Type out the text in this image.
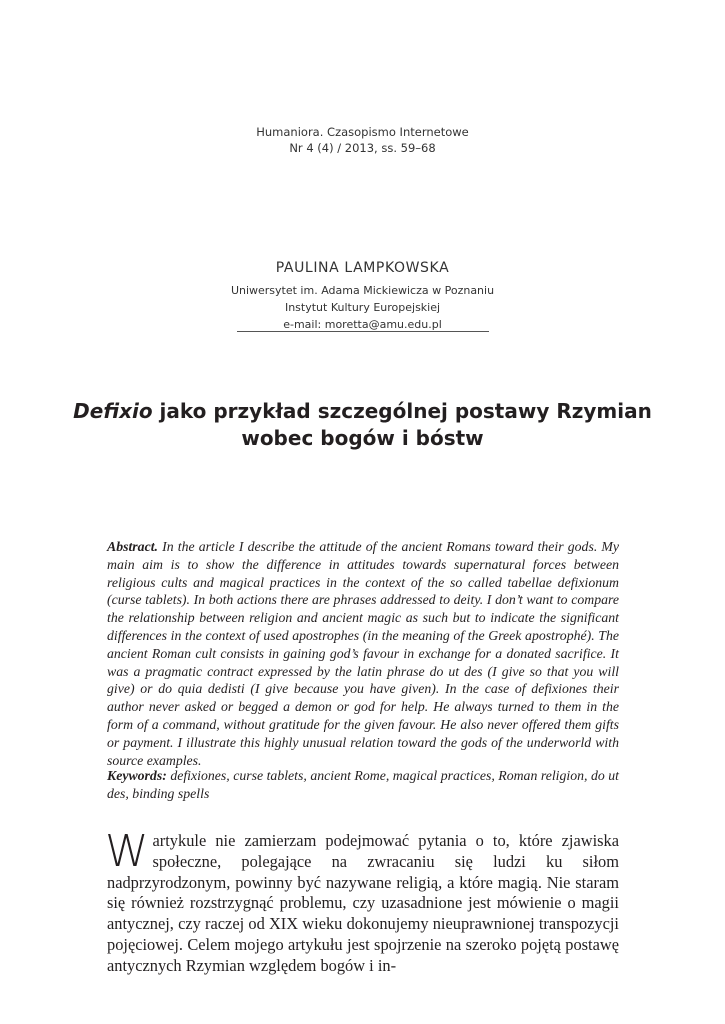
Humaniora. Czasopismo Internetowe
Nr 4 (4) / 2013, ss. 59–68
PAULINA LAMPKOWSKA
Uniwersytet im. Adama Mickiewicza w Poznaniu
Instytut Kultury Europejskiej
e-mail: moretta@amu.edu.pl
Defixio jako przykład szczególnej postawy Rzymian
wobec bogów i bóstw
Abstract. In the article I describe the attitude of the ancient Romans toward their gods. My main aim is to show the difference in attitudes towards supernatural forces between religious cults and magical practices in the context of the so called tabellae defixionum (curse tablets). In both actions there are phrases addressed to deity. I don’t want to compare the relationship between religion and ancient magic as such but to indicate the significant differences in the context of used apostrophes (in the meaning of the Greek apostrophé). The ancient Roman cult consists in gaining god’s favour in exchange for a donated sacrifice. It was a pragmatic contract expressed by the latin phrase do ut des (I give so that you will give) or do quia dedisti (I give because you have given). In the case of defixiones their author never asked or begged a demon or god for help. He always turned to them in the form of a command, without gratitude for the given favour. He also never offered them gifts or payment. I illustrate this highly unusual relation toward the gods of the underworld with source examples.
Keywords: defixiones, curse tablets, ancient Rome, magical practices, Roman religion, do ut des, binding spells
Wartykule nie zamierzam podejmować pytania o to, które zjawiska społeczne, polegające na zwracaniu się ludzi ku siłom nadprzyrodzonym, powinny być nazywane religią, a które magią. Nie staram się również rozstrzygnąć problemu, czy uzasadnione jest mówienie o magii antycznej, czy raczej od XIX wieku dokonujemy nieuprawnionej transpozycji pojęciowej. Celem mojego artykułu jest spojrzenie na szeroko pojętą postawę antycznych Rzymian względem bogów i in-
